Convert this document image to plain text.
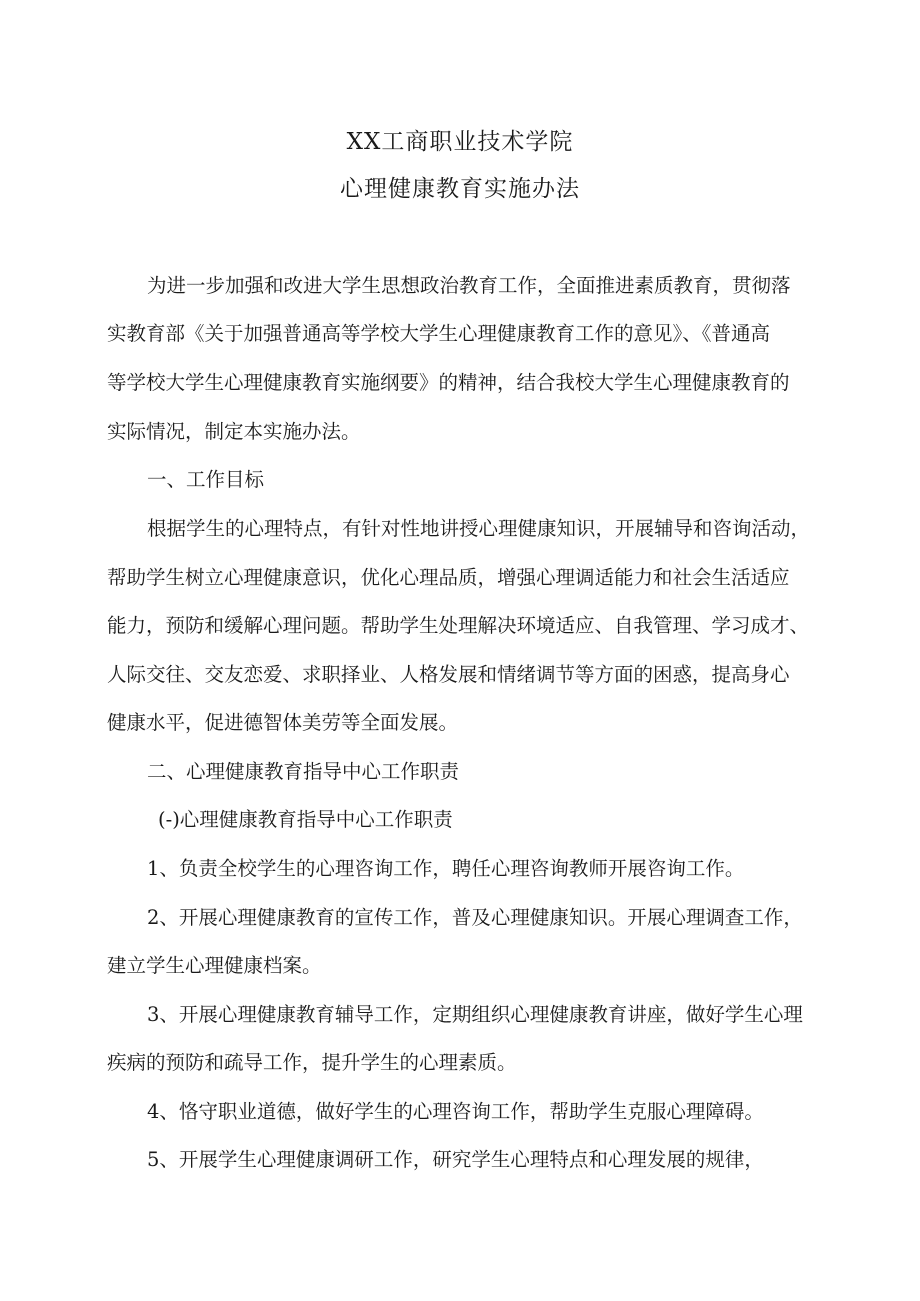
XX工商职业技术学院
心理健康教育实施办法
为进一步加强和改进大学生思想政治教育工作，全面推进素质教育，贯彻落
实教育部《关于加强普通高等学校大学生心理健康教育工作的意见》、《普通高
等学校大学生心理健康教育实施纲要》的精神，结合我校大学生心理健康教育的
实际情况，制定本实施办法。
一、工作目标
根据学生的心理特点，有针对性地讲授心理健康知识，开展辅导和咨询活动，
帮助学生树立心理健康意识，优化心理品质，增强心理调适能力和社会生活适应
能力，预防和缓解心理问题。帮助学生处理解决环境适应、自我管理、学习成才、
人际交往、交友恋爱、求职择业、人格发展和情绪调节等方面的困惑，提高身心
健康水平，促进德智体美劳等全面发展。
二、心理健康教育指导中心工作职责
(-)心理健康教育指导中心工作职责
1、负责全校学生的心理咨询工作，聘任心理咨询教师开展咨询工作。
2、开展心理健康教育的宣传工作，普及心理健康知识。开展心理调查工作，
建立学生心理健康档案。
3、开展心理健康教育辅导工作，定期组织心理健康教育讲座，做好学生心理
疾病的预防和疏导工作，提升学生的心理素质。
4、恪守职业道德，做好学生的心理咨询工作，帮助学生克服心理障碍。
5、开展学生心理健康调研工作，研究学生心理特点和心理发展的规律，
